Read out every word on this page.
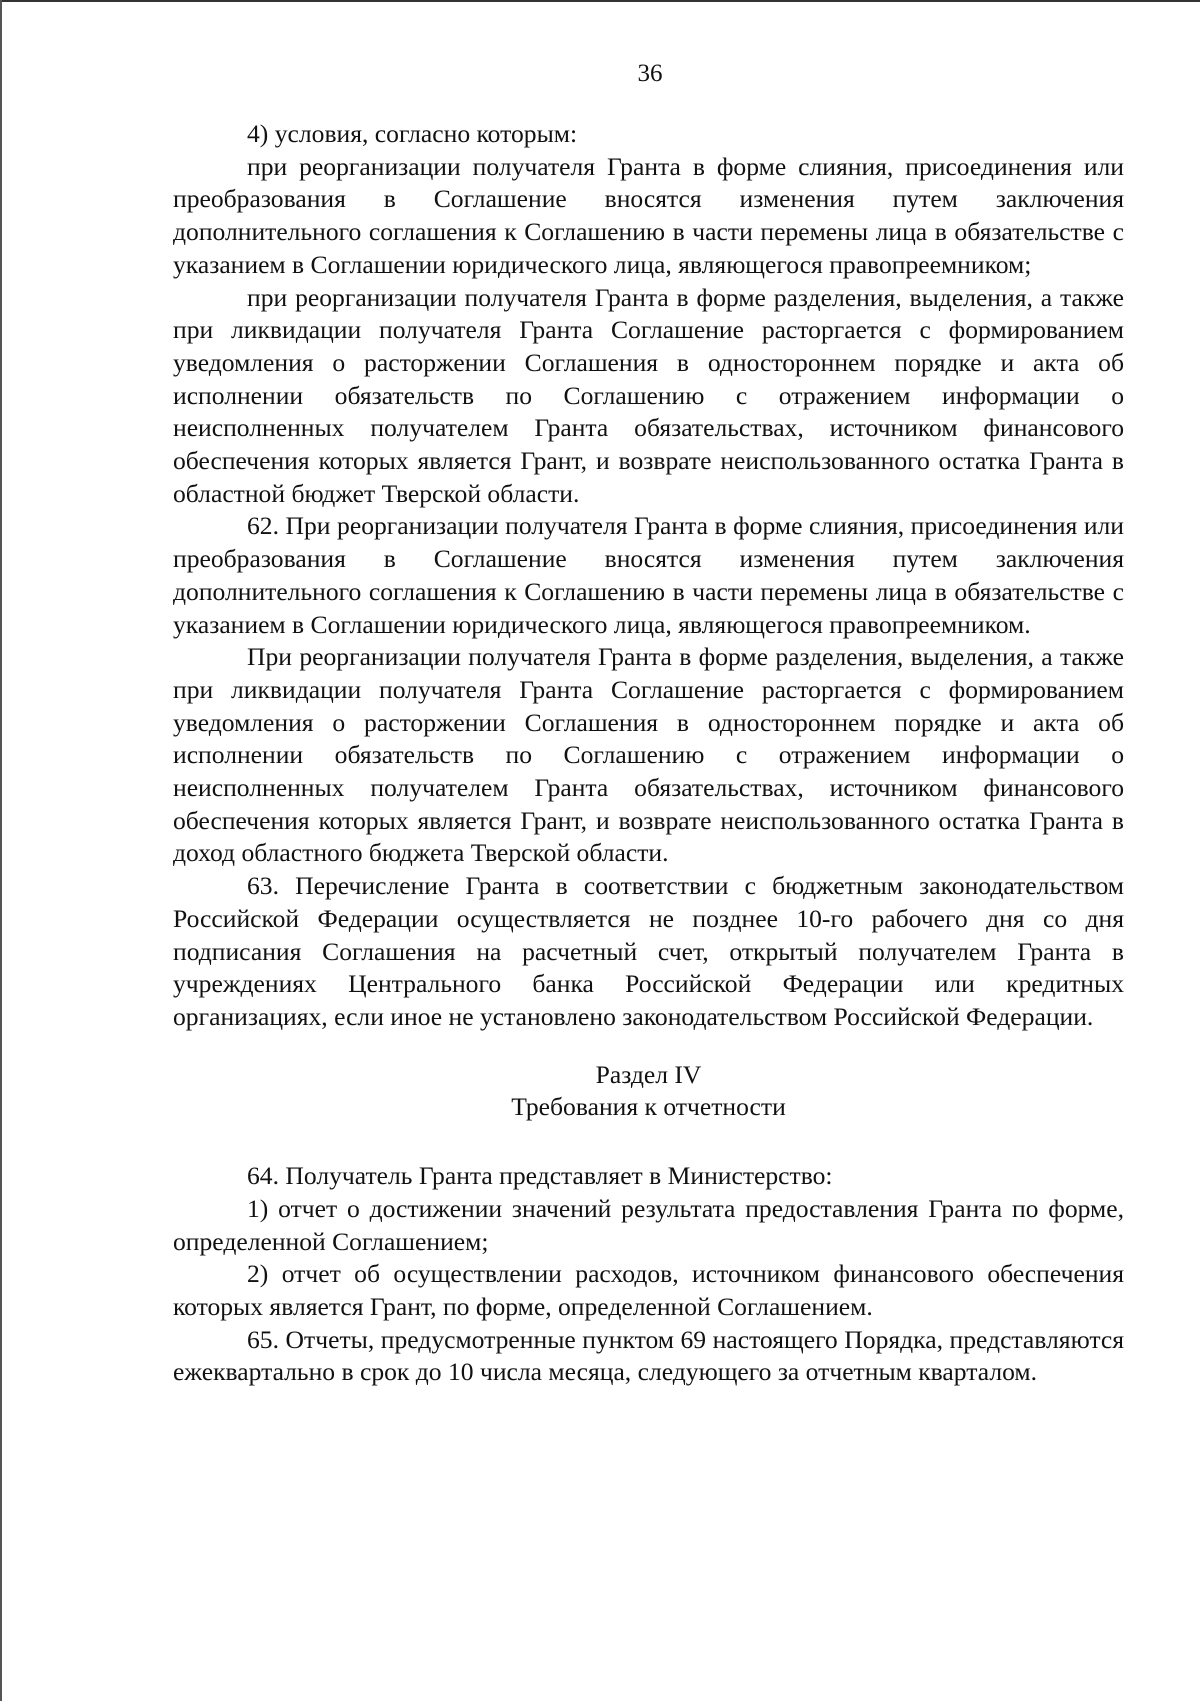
36

4) условия, согласно которым:

при реорганизации получателя Гранта в форме слияния, присоединения или преобразования в Соглашение вносятся изменения путем заключения дополнительного соглашения к Соглашению в части перемены лица в обязательстве с указанием в Соглашении юридического лица, являющегося правопреемником;

при реорганизации получателя Гранта в форме разделения, выделения, а также при ликвидации получателя Гранта Соглашение расторгается с формированием уведомления о расторжении Соглашения в одностороннем порядке и акта об исполнении обязательств по Соглашению с отражением информации о неисполненных получателем Гранта обязательствах, источником финансового обеспечения которых является Грант, и возврате неиспользованного остатка Гранта в областной бюджет Тверской области.

62. При реорганизации получателя Гранта в форме слияния, присоединения или преобразования в Соглашение вносятся изменения путем заключения дополнительного соглашения к Соглашению в части перемены лица в обязательстве с указанием в Соглашении юридического лица, являющегося правопреемником.

При реорганизации получателя Гранта в форме разделения, выделения, а также при ликвидации получателя Гранта Соглашение расторгается с формированием уведомления о расторжении Соглашения в одностороннем порядке и акта об исполнении обязательств по Соглашению с отражением информации о неисполненных получателем Гранта обязательствах, источником финансового обеспечения которых является Грант, и возврате неиспользованного остатка Гранта в доход областного бюджета Тверской области.

63. Перечисление Гранта в соответствии с бюджетным законодательством Российской Федерации осуществляется не позднее 10-го рабочего дня со дня подписания Соглашения на расчетный счет, открытый получателем Гранта в учреждениях Центрального банка Российской Федерации или кредитных организациях, если иное не установлено законодательством Российской Федерации.

Раздел IV
Требования к отчетности

64. Получатель Гранта представляет в Министерство:

1) отчет о достижении значений результата предоставления Гранта по форме, определенной Соглашением;

2) отчет об осуществлении расходов, источником финансового обеспечения которых является Грант, по форме, определенной Соглашением.

65. Отчеты, предусмотренные пунктом 69 настоящего Порядка, представляются ежеквартально в срок до 10 числа месяца, следующего за отчетным кварталом.
